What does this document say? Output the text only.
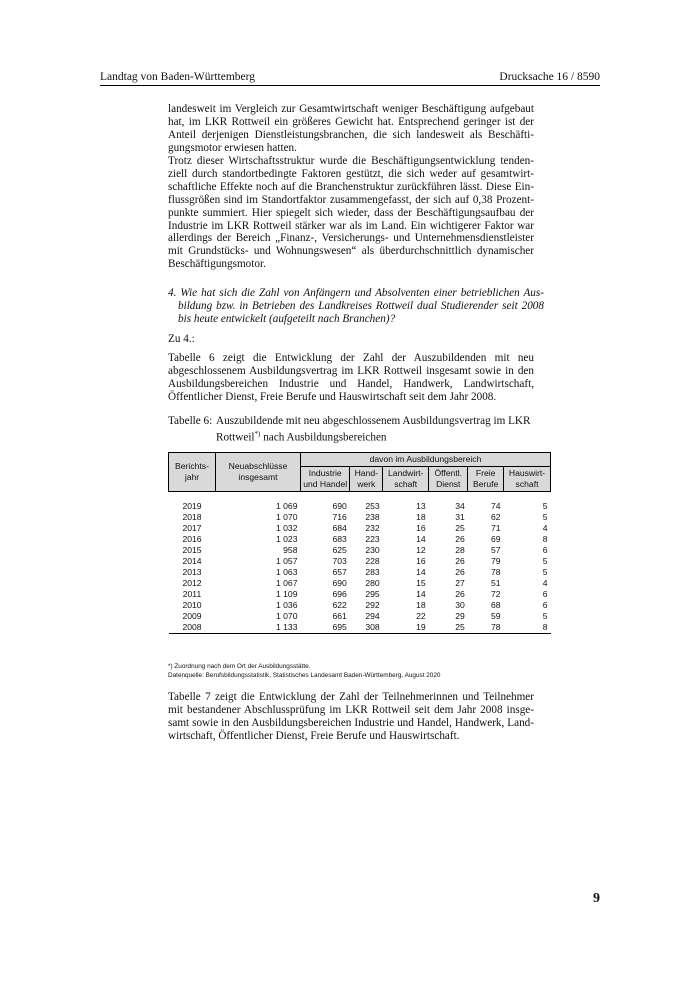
Landtag von Baden-Württemberg	Drucksache 16 / 8590

landesweit im Vergleich zur Gesamtwirtschaft weniger Beschäftigung aufgebaut hat, im LKR Rottweil ein größeres Gewicht hat. Entsprechend geringer ist der Anteil derjenigen Dienstleistungsbranchen, die sich landesweit als Beschäftigungsmotor erwiesen hatten.

Trotz dieser Wirtschaftsstruktur wurde die Beschäftigungsentwicklung tendenziell durch standortbedingte Faktoren gestützt, die sich weder auf gesamtwirtschaftliche Effekte noch auf die Branchenstruktur zurückführen lässt. Diese Einflussgrößen sind im Standortfaktor zusammengefasst, der sich auf 0,38 Prozentpunkte summiert. Hier spiegelt sich wieder, dass der Beschäftigungsaufbau der Industrie im LKR Rottweil stärker war als im Land. Ein wichtigerer Faktor war allerdings der Bereich „Finanz-, Versicherungs- und Unternehmensdienstleister mit Grundstücks- und Wohnungswesen“ als überdurchschnittlich dynamischer Beschäftigungsmotor.

4. Wie hat sich die Zahl von Anfängern und Absolventen einer betrieblichen Ausbildung bzw. in Betrieben des Landkreises Rottweil dual Studierender seit 2008 bis heute entwickelt (aufgeteilt nach Branchen)?

Zu 4.:

Tabelle 6 zeigt die Entwicklung der Zahl der Auszubildenden mit neu abgeschlossenem Ausbildungsvertrag im LKR Rottweil insgesamt sowie in den Ausbildungsbereichen Industrie und Handel, Handwerk, Landwirtschaft, Öffentlicher Dienst, Freie Berufe und Hauswirtschaft seit dem Jahr 2008.

Tabelle 6: Auszubildende mit neu abgeschlossenem Ausbildungsvertrag im LKR
Rottweil*) nach Ausbildungsbereichen
Berichts-jahr	Neuabschlüsse insgesamt	davon im Ausbildungsbereich					
		Industrie und Handel	Hand-werk	Landwirt-schaft	Öffentl. Dienst	Freie Berufe	Hauswirt-schaft

2019	1 069	690	253	13	34	74	5
2018	1 070	716	238	18	31	62	5
2017	1 032	684	232	16	25	71	4
2016	1 023	683	223	14	26	69	8
2015	958	625	230	12	28	57	6
2014	1 057	703	228	16	26	79	5
2013	1 063	657	283	14	26	78	5
2012	1 067	690	280	15	27	51	4
2011	1 109	696	295	14	26	72	6
2010	1 036	622	292	18	30	68	6
2009	1 070	661	294	22	29	59	5
2008	1 133	695	308	19	25	78	8
*) Zuordnung nach dem Ort der Ausbildungsstätte.
Datenquelle: Berufsbildungsstatistik, Statistisches Landesamt Baden-Württemberg, August 2020

Tabelle 7 zeigt die Entwicklung der Zahl der Teilnehmerinnen und Teilnehmer mit bestandener Abschlussprüfung im LKR Rottweil seit dem Jahr 2008 insgesamt sowie in den Ausbildungsbereichen Industrie und Handel, Handwerk, Landwirtschaft, Öffentlicher Dienst, Freie Berufe und Hauswirtschaft.

9
